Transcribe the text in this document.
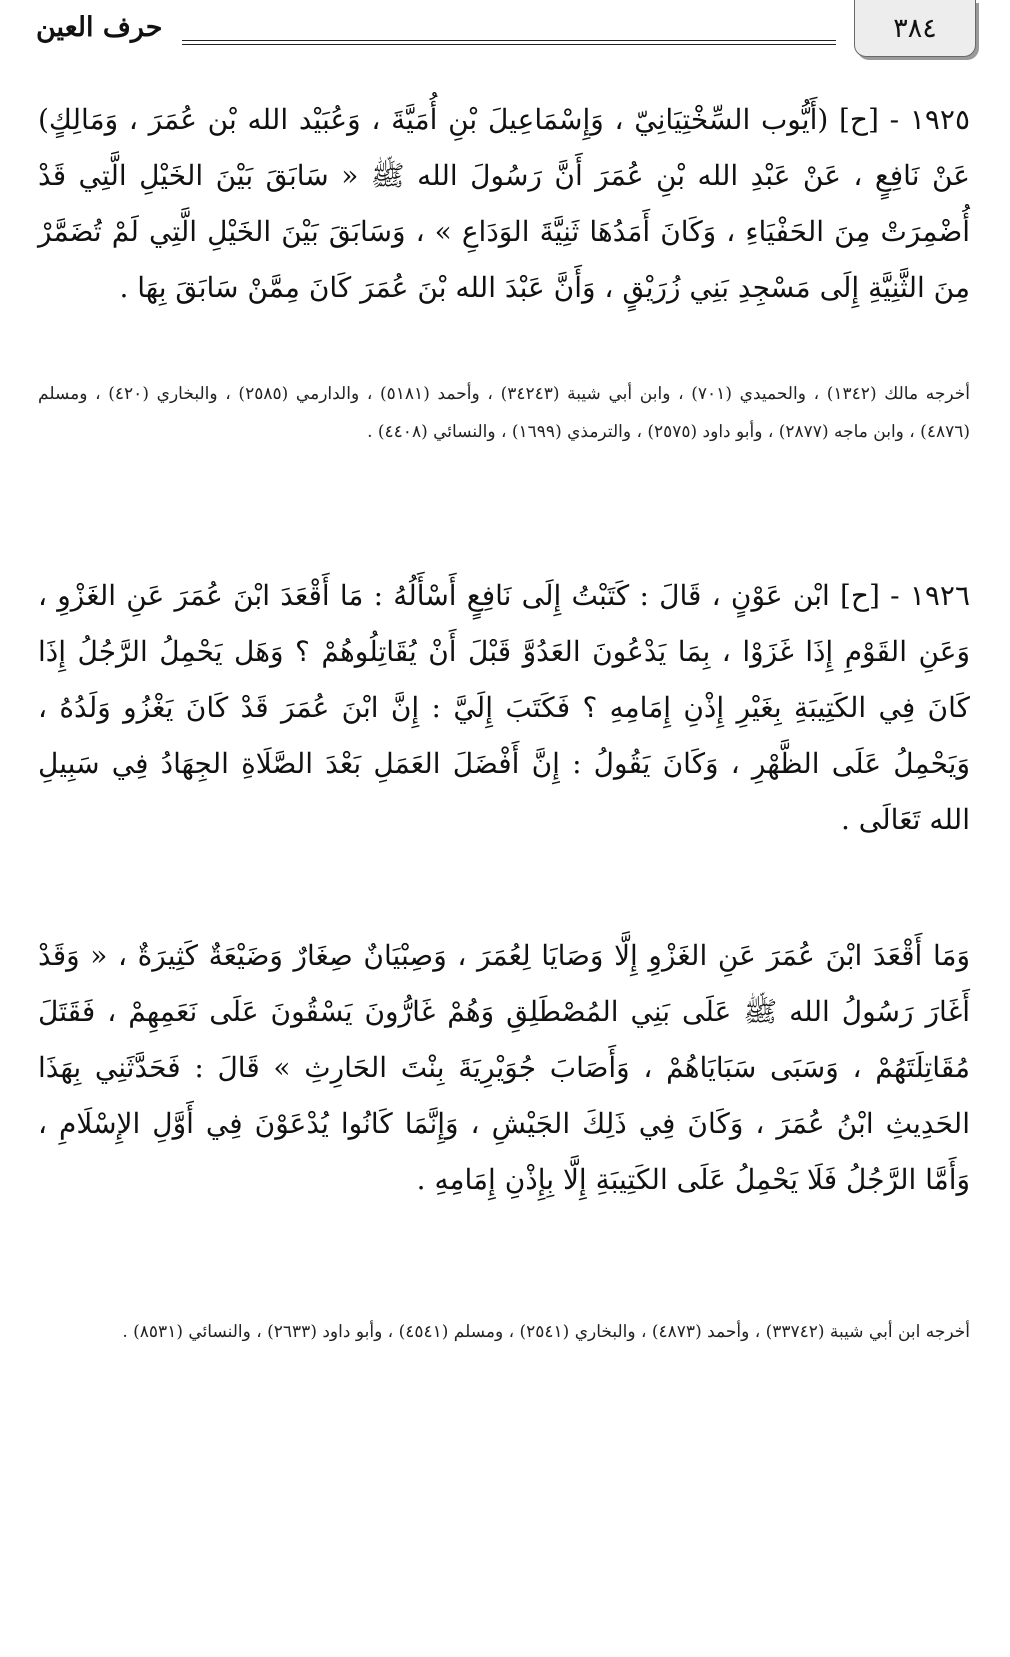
٣٨٤
حرف العين

١٩٢٥ - [ح] (أَيُّوب السِّخْتِيَانِيّ ، وَإِسْمَاعِيلَ بْنِ أُمَيَّةَ ، وَعُبَيْد الله بْن عُمَرَ ، وَمَالِكٍ) عَنْ نَافِعٍ ، عَنْ عَبْدِ الله بْنِ عُمَرَ أَنَّ رَسُولَ الله ﷺ « سَابَقَ بَيْنَ الخَيْلِ الَّتِي قَدْ أُضْمِرَتْ مِنَ الحَفْيَاءِ ، وَكَانَ أَمَدُهَا ثَنِيَّةَ الوَدَاعِ » ، وَسَابَقَ بَيْنَ الخَيْلِ الَّتِي لَمْ تُضَمَّرْ مِنَ الثَّنِيَّةِ إِلَى مَسْجِدِ بَنِي زُرَيْقٍ ، وَأَنَّ عَبْدَ الله بْنَ عُمَرَ كَانَ مِمَّنْ سَابَقَ بِهَا .

أخرجه مالك (١٣٤٢) ، والحميدي (٧٠١) ، وابن أبي شيبة (٣٤٢٤٣) ، وأحمد (٥١٨١) ، والدارمي (٢٥٨٥) ، والبخاري (٤٢٠) ، ومسلم (٤٨٧٦) ، وابن ماجه (٢٨٧٧) ، وأبو داود (٢٥٧٥) ، والترمذي (١٦٩٩) ، والنسائي (٤٤٠٨) .

١٩٢٦ - [ح] ابْن عَوْنٍ ، قَالَ : كَتَبْتُ إِلَى نَافِعٍ أَسْأَلُهُ : مَا أَقْعَدَ ابْنَ عُمَرَ عَنِ الغَزْوِ ، وَعَنِ القَوْمِ إِذَا غَزَوْا ، بِمَا يَدْعُونَ العَدُوَّ قَبْلَ أَنْ يُقَاتِلُوهُمْ ؟ وَهَل يَحْمِلُ الرَّجُلُ إِذَا كَانَ فِي الكَتِيبَةِ بِغَيْرِ إِذْنِ إِمَامِهِ ؟ فَكَتَبَ إِلَيَّ : إِنَّ ابْنَ عُمَرَ قَدْ كَانَ يَغْزُو وَلَدُهُ ، وَيَحْمِلُ عَلَى الظَّهْرِ ، وَكَانَ يَقُولُ : إِنَّ أَفْضَلَ العَمَلِ بَعْدَ الصَّلَاةِ الجِهَادُ فِي سَبِيلِ الله تَعَالَى .

وَمَا أَقْعَدَ ابْنَ عُمَرَ عَنِ الغَزْوِ إِلَّا وَصَايَا لِعُمَرَ ، وَصِبْيَانٌ صِغَارٌ وَضَيْعَةٌ كَثِيرَةٌ ، « وَقَدْ أَغَارَ رَسُولُ الله ﷺ عَلَى بَنِي المُصْطَلِقِ وَهُمْ غَارُّونَ يَسْقُونَ عَلَى نَعَمِهِمْ ، فَقَتَلَ مُقَاتِلَتَهُمْ ، وَسَبَى سَبَايَاهُمْ ، وَأَصَابَ جُوَيْرِيَةَ بِنْتَ الحَارِثِ » قَالَ : فَحَدَّثَنِي بِهَذَا الحَدِيثِ ابْنُ عُمَرَ ، وَكَانَ فِي ذَلِكَ الجَيْشِ ، وَإِنَّمَا كَانُوا يُدْعَوْنَ فِي أَوَّلِ الإِسْلَامِ ، وَأَمَّا الرَّجُلُ فَلَا يَحْمِلُ عَلَى الكَتِيبَةِ إِلَّا بِإِذْنِ إِمَامِهِ .

أخرجه ابن أبي شيبة (٣٣٧٤٢) ، وأحمد (٤٨٧٣) ، والبخاري (٢٥٤١) ، ومسلم (٤٥٤١) ، وأبو داود (٢٦٣٣) ، والنسائي (٨٥٣١) .
